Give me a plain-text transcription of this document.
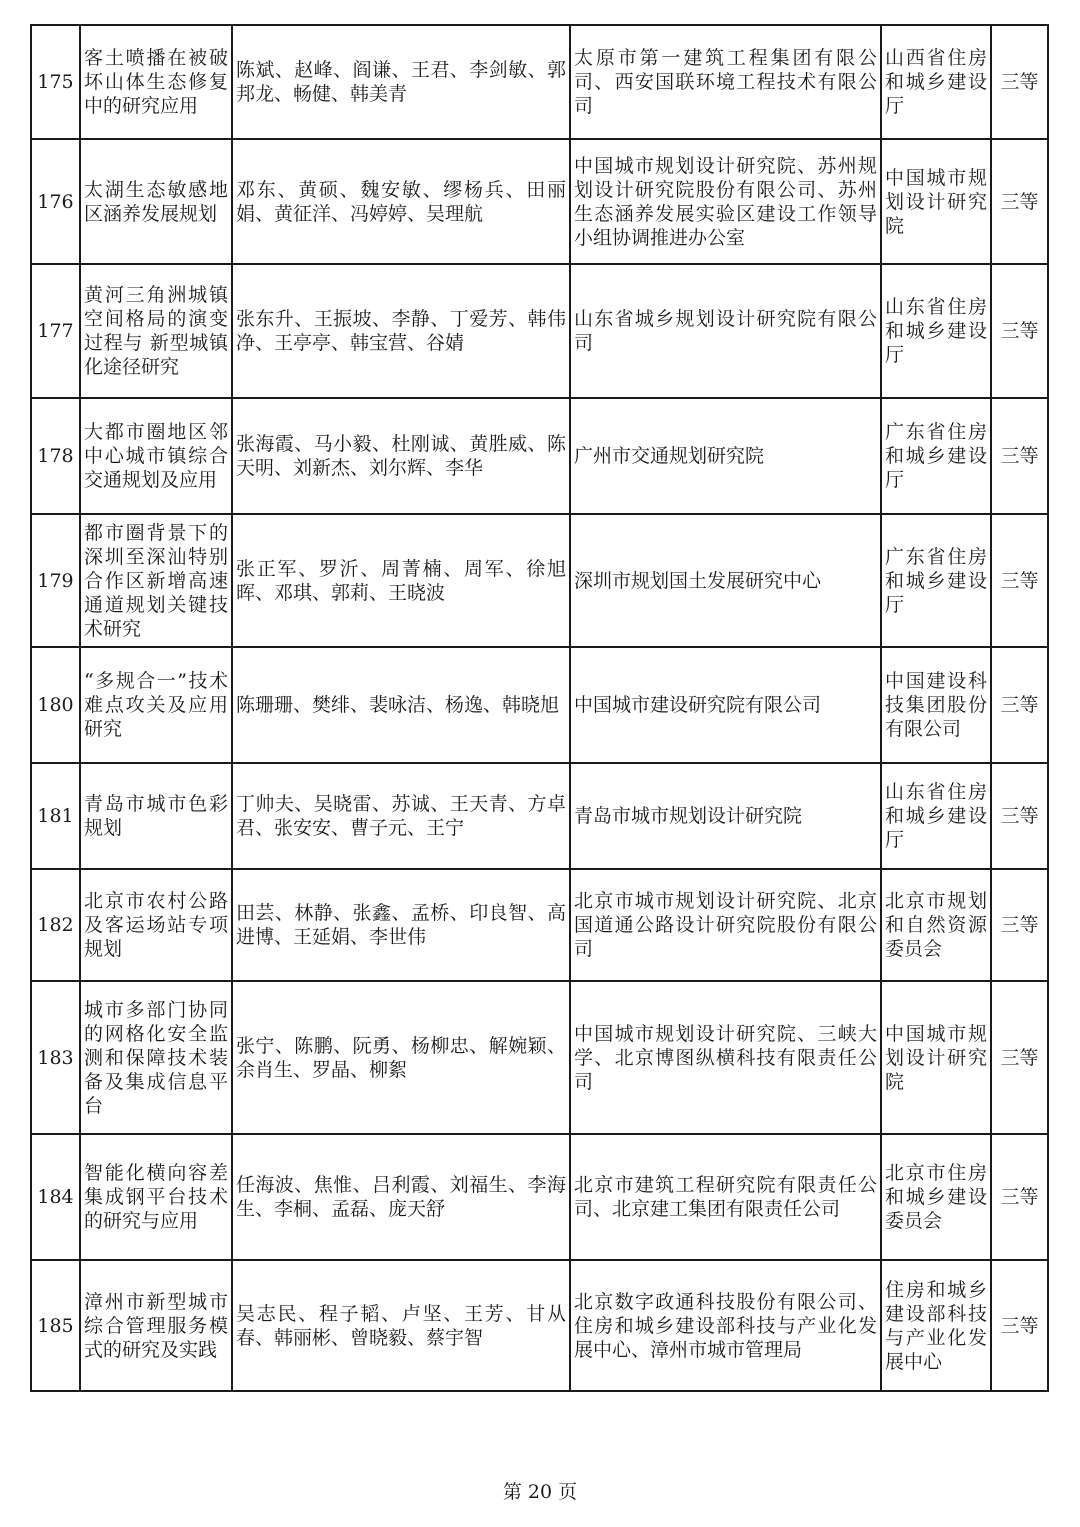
175	客土喷播在被破坏山体生态修复中的研究应用	陈斌、赵峰、阎谦、王君、李剑敏、郭邦龙、畅健、韩美青	太原市第一建筑工程集团有限公司、西安国联环境工程技术有限公司	山西省住房和城乡建设厅	三等
176	太湖生态敏感地区涵养发展规划	邓东、黄硕、魏安敏、缪杨兵、田丽娟、黄征洋、冯婷婷、吴理航	中国城市规划设计研究院、苏州规划设计研究院股份有限公司、苏州生态涵养发展实验区建设工作领导小组协调推进办公室	中国城市规划设计研究院	三等
177	黄河三角洲城镇空间格局的演变过程与 新型城镇化途径研究	张东升、王振坡、李静、丁爱芳、韩伟净、王亭亭、韩宝营、谷婧	山东省城乡规划设计研究院有限公司	山东省住房和城乡建设厅	三等
178	大都市圈地区邻中心城市镇综合交通规划及应用	张海霞、马小毅、杜刚诚、黄胜威、陈天明、刘新杰、刘尔辉、李华	广州市交通规划研究院	广东省住房和城乡建设厅	三等
179	都市圈背景下的深圳至深汕特别合作区新增高速通道规划关键技术研究	张正军、罗沂、周菁楠、周军、徐旭晖、邓琪、郭莉、王晓波	深圳市规划国土发展研究中心	广东省住房和城乡建设厅	三等
180	“多规合一”技术难点攻关及应用研究	陈珊珊、樊绯、裴咏洁、杨逸、韩晓旭	中国城市建设研究院有限公司	中国建设科技集团股份有限公司	三等
181	青岛市城市色彩规划	丁帅夫、吴晓雷、苏诚、王天青、方卓君、张安安、曹子元、王宁	青岛市城市规划设计研究院	山东省住房和城乡建设厅	三等
182	北京市农村公路及客运场站专项规划	田芸、林静、张鑫、孟桥、印良智、高进博、王延娟、李世伟	北京市城市规划设计研究院、北京国道通公路设计研究院股份有限公司	北京市规划和自然资源委员会	三等
183	城市多部门协同的网格化安全监测和保障技术装备及集成信息平台	张宁、陈鹏、阮勇、杨柳忠、解婉颖、余肖生、罗晶、柳絮	中国城市规划设计研究院、三峡大学、北京博图纵横科技有限责任公司	中国城市规划设计研究院	三等
184	智能化横向容差集成钢平台技术的研究与应用	任海波、焦惟、吕利霞、刘福生、李海生、李桐、孟磊、庞天舒	北京市建筑工程研究院有限责任公司、北京建工集团有限责任公司	北京市住房和城乡建设委员会	三等
185	漳州市新型城市综合管理服务模式的研究及实践	吴志民、程子韬、卢坚、王芳、甘从春、韩丽彬、曾晓毅、蔡宇智	北京数字政通科技股份有限公司、住房和城乡建设部科技与产业化发展中心、漳州市城市管理局	住房和城乡建设部科技与产业化发展中心	三等
第 20 页
